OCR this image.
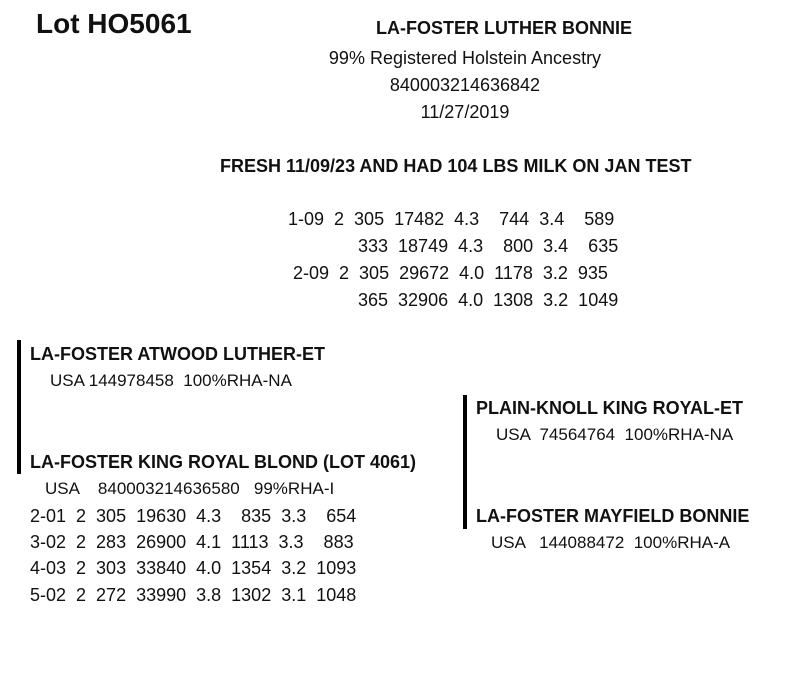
Lot HO5061	LA-FOSTER LUTHER BONNIE
99% Registered Holstein Ancestry
840003214636842
11/27/2019
FRESH 11/09/23 AND HAD 104 LBS MILK ON JAN TEST
1-09  2  305  17482  4.3    744  3.4    589
333  18749  4.3    800  3.4    635
2-09  2  305  29672  4.0  1178  3.2  935
365  32906  4.0  1308  3.2  1049
LA-FOSTER ATWOOD LUTHER-ET
USA 144978458  100%RHA-NA
LA-FOSTER KING ROYAL BLOND (LOT 4061)
USA    840003214636580   99%RHA-I
2-01  2  305  19630  4.3    835  3.3    654
3-02  2  283  26900  4.1  1113  3.3    883
4-03  2  303  33840  4.0  1354  3.2  1093
5-02  2  272  33990  3.8  1302  3.1  1048
PLAIN-KNOLL KING ROYAL-ET
USA  74564764  100%RHA-NA
LA-FOSTER MAYFIELD BONNIE
USA   144088472  100%RHA-A
